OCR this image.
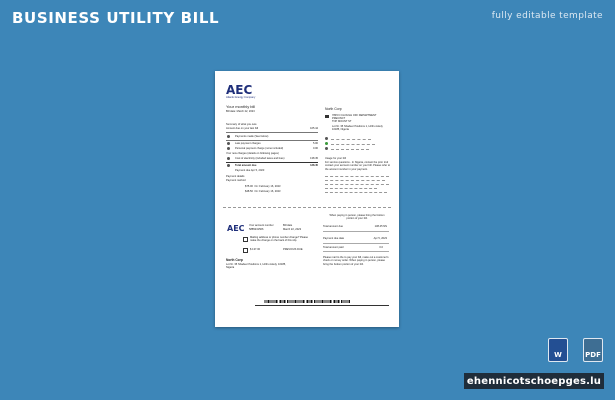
BUSINESS UTILITY BILL	fully editable template
AEC
Atlantic Energy Company
Your monthly bill
Bill date: March 22, 2023
Summary of what you owe
Amount due on your last bill	165.44
Payments made (See below)
Late payment charges	5.00
Personal payment charge (none included)	0.00
Your new charges (details on following pages)
Cost of electricity (included taxes and fees)	138.45
Total amount due	138.45
Payment due Apr 5, 2023
Payment details
Payment method
$75.00  On: February 16, 2023
$48.50  On: February 16, 2023
North Corp
7845 N CLOUGH OFF DEPARTMENT
PRECINCT
TOP MOUNT ST
Lot Nr. 35 Shadeer Pavilions 1, Hrithu Likely
10185, Nigeria
Usage for your bill
For service questions - In Nigeria, contact the prior 2nd contact your account number on your bill. Please refer to the account number in your payment.
AEC Your account number
5885231566
Bill date
March 22, 2023
Mailing address or phone number change? Please make the change on the back of this slip.
$ 137.00	PREVIOUS DUE
North Corp
Lot Nr. 35 Shadeer Pavilions 1, Hrithu Likely, 10185, Nigeria
When paying in person, please bring the bottom portion of your bill.
Total amount due	138.45 NN
Payment due date	Apr 5, 2023
Total amount paid	0.0
Please mail to the to pay your bill, make out a customer's check or money order. When paying in person, please bring the bottom portion of your bill.
W	PDF
ehennicotschoepges.lu
